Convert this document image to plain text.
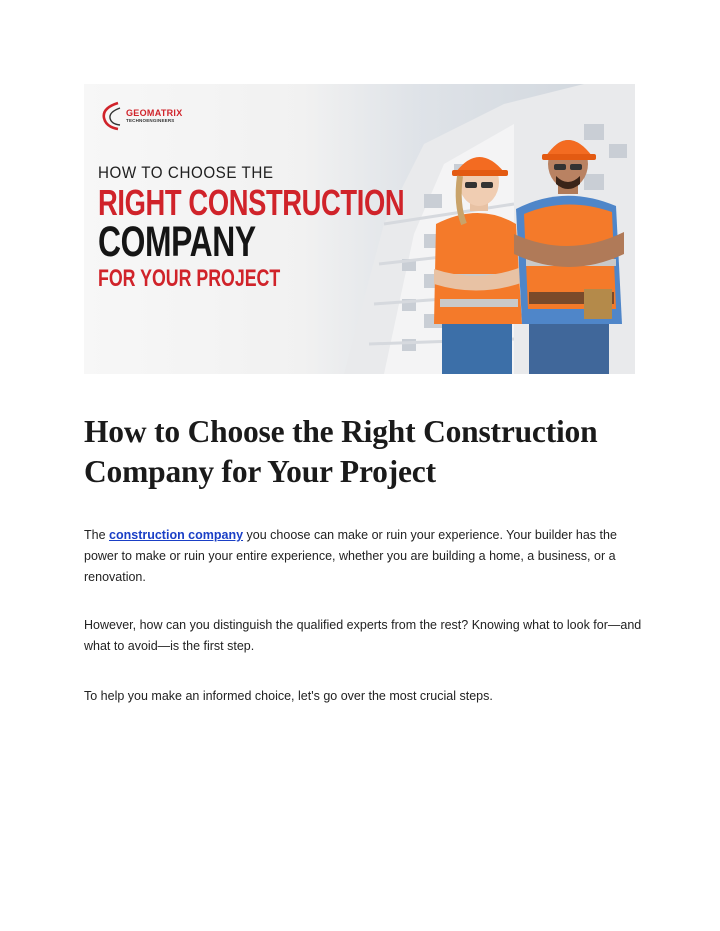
GEOMATRIX
TECHNOENGINEERS
HOW TO CHOOSE THE
RIGHT CONSTRUCTION
COMPANY
FOR YOUR PROJECT
How to Choose the Right Construction Company for Your Project

The construction company you choose can make or ruin your experience. Your builder has the power to make or ruin your entire experience, whether you are building a home, a business, or a renovation.

However, how can you distinguish the qualified experts from the rest? Knowing what to look for—and what to avoid—is the first step.

To help you make an informed choice, let's go over the most crucial steps.
